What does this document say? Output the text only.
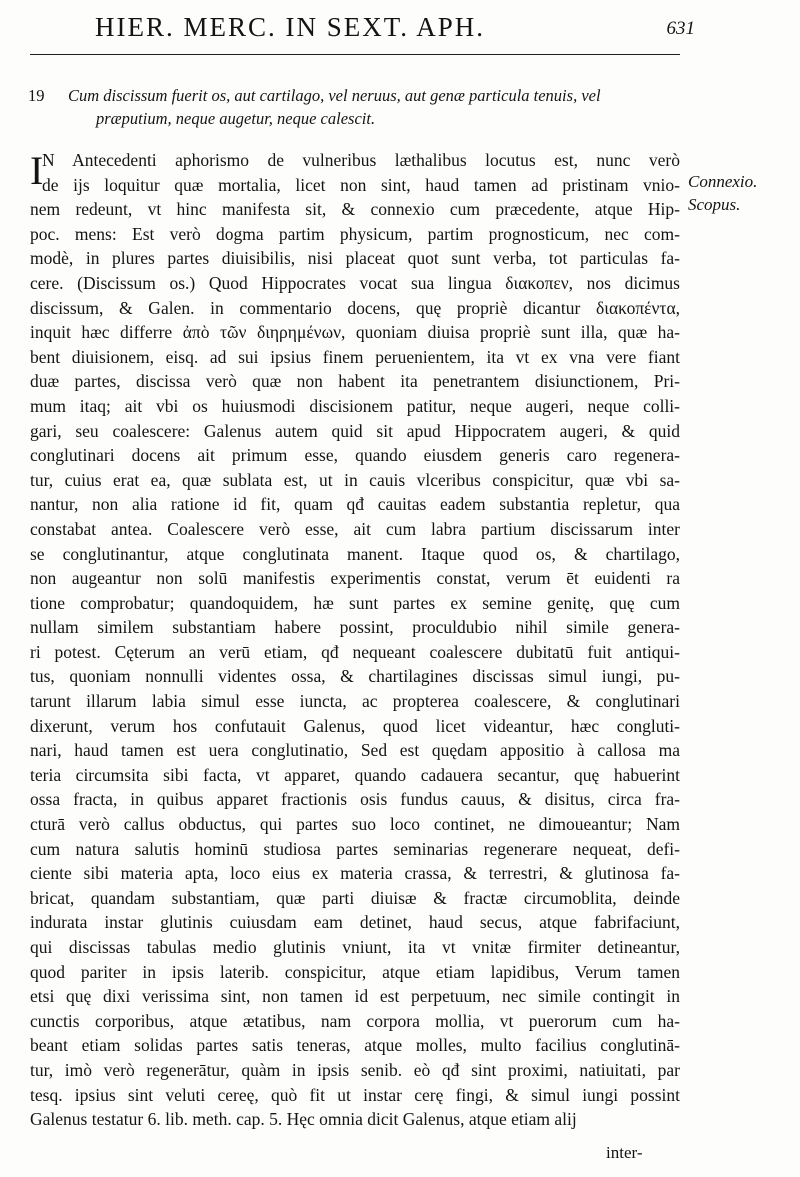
HIER. MERC. IN SEXT. APH.	631
19 Cum discissum fuerit os, aut cartilago, vel neruus, aut genæ particula tenuis, vel
præputium, neque augetur, neque calescit.
I
N Antecedenti aphorismo de vulneribus læthalibus locutus est, nunc verò
de ijs loquitur quæ mortalia, licet non sint, haud tamen ad pristinam vnio-
nem redeunt, vt hinc manifesta sit, & connexio cum præcedente, atque Hip-
poc. mens: Est verò dogma partim physicum, partim prognosticum, nec com-
modè, in plures partes diuisibilis, nisi placeat quot sunt verba, tot particulas fa-
cere. (Discissum os.) Quod Hippocrates vocat sua lingua διακοπεν, nos dicimus
discissum, & Galen. in commentario docens, quę propriè dicantur διακοπέντα,
inquit hæc differre ἀπὸ τῶν διηρημένων, quoniam diuisa propriè sunt illa, quæ ha-
bent diuisionem, eisq. ad sui ipsius finem peruenientem, ita vt ex vna vere fiant
duæ partes, discissa verò quæ non habent ita penetrantem disiunctionem, Pri-
mum itaq; ait vbi os huiusmodi discisionem patitur, neque augeri, neque colli-
gari, seu coalescere: Galenus autem quid sit apud Hippocratem augeri, & quid
conglutinari docens ait primum esse, quando eiusdem generis caro regenera-
tur, cuius erat ea, quæ sublata est, ut in cauis vlceribus conspicitur, quæ vbi sa-
nantur, non alia ratione id fit, quam qđ cauitas eadem substantia repletur, qua
constabat antea. Coalescere verò esse, ait cum labra partium discissarum inter
se conglutinantur, atque conglutinata manent. Itaque quod os, & chartilago,
non augeantur non solū manifestis experimentis constat, verum ēt euidenti ra
tione comprobatur; quandoquidem, hæ sunt partes ex semine genitę, quę cum
nullam similem substantiam habere possint, proculdubio nihil simile genera-
ri potest. Cęterum an verū etiam, qđ nequeant coalescere dubitatū fuit antiqui-
tus, quoniam nonnulli videntes ossa, & chartilagines discissas simul iungi, pu-
tarunt illarum labia simul esse iuncta, ac propterea coalescere, & conglutinari
dixerunt, verum hos confutauit Galenus, quod licet videantur, hæc congluti-
nari, haud tamen est uera conglutinatio, Sed est quędam appositio à callosa ma
teria circumsita sibi facta, vt apparet, quando cadauera secantur, quę habuerint
ossa fracta, in quibus apparet fractionis osis fundus cauus, & disitus, circa fra-
cturā verò callus obductus, qui partes suo loco continet, ne dimoueantur; Nam
cum natura salutis hominū studiosa partes seminarias regenerare nequeat, defi-
ciente sibi materia apta, loco eius ex materia crassa, & terrestri, & glutinosa fa-
bricat, quandam substantiam, quæ parti diuisæ & fractæ circumoblita, deinde
indurata instar glutinis cuiusdam eam detinet, haud secus, atque fabrifaciunt,
qui discissas tabulas medio glutinis vniunt, ita vt vnitæ firmiter detineantur,
quod pariter in ipsis laterib. conspicitur, atque etiam lapidibus, Verum tamen
etsi quę dixi verissima sint, non tamen id est perpetuum, nec simile contingit in
cunctis corporibus, atque ætatibus, nam corpora mollia, vt puerorum cum ha-
beant etiam solidas partes satis teneras, atque molles, multo facilius conglutinā-
tur, imò verò regenerātur, quàm in ipsis senib. eò qđ sint proximi, natiuitati, par
tesq. ipsius sint veluti cereę, quò fit ut instar cerę fingi, & simul iungi possint
Galenus testatur 6. lib. meth. cap. 5. Hęc omnia dicit Galenus, atque etiam alij
Connexio.
Scopus.
inter-
